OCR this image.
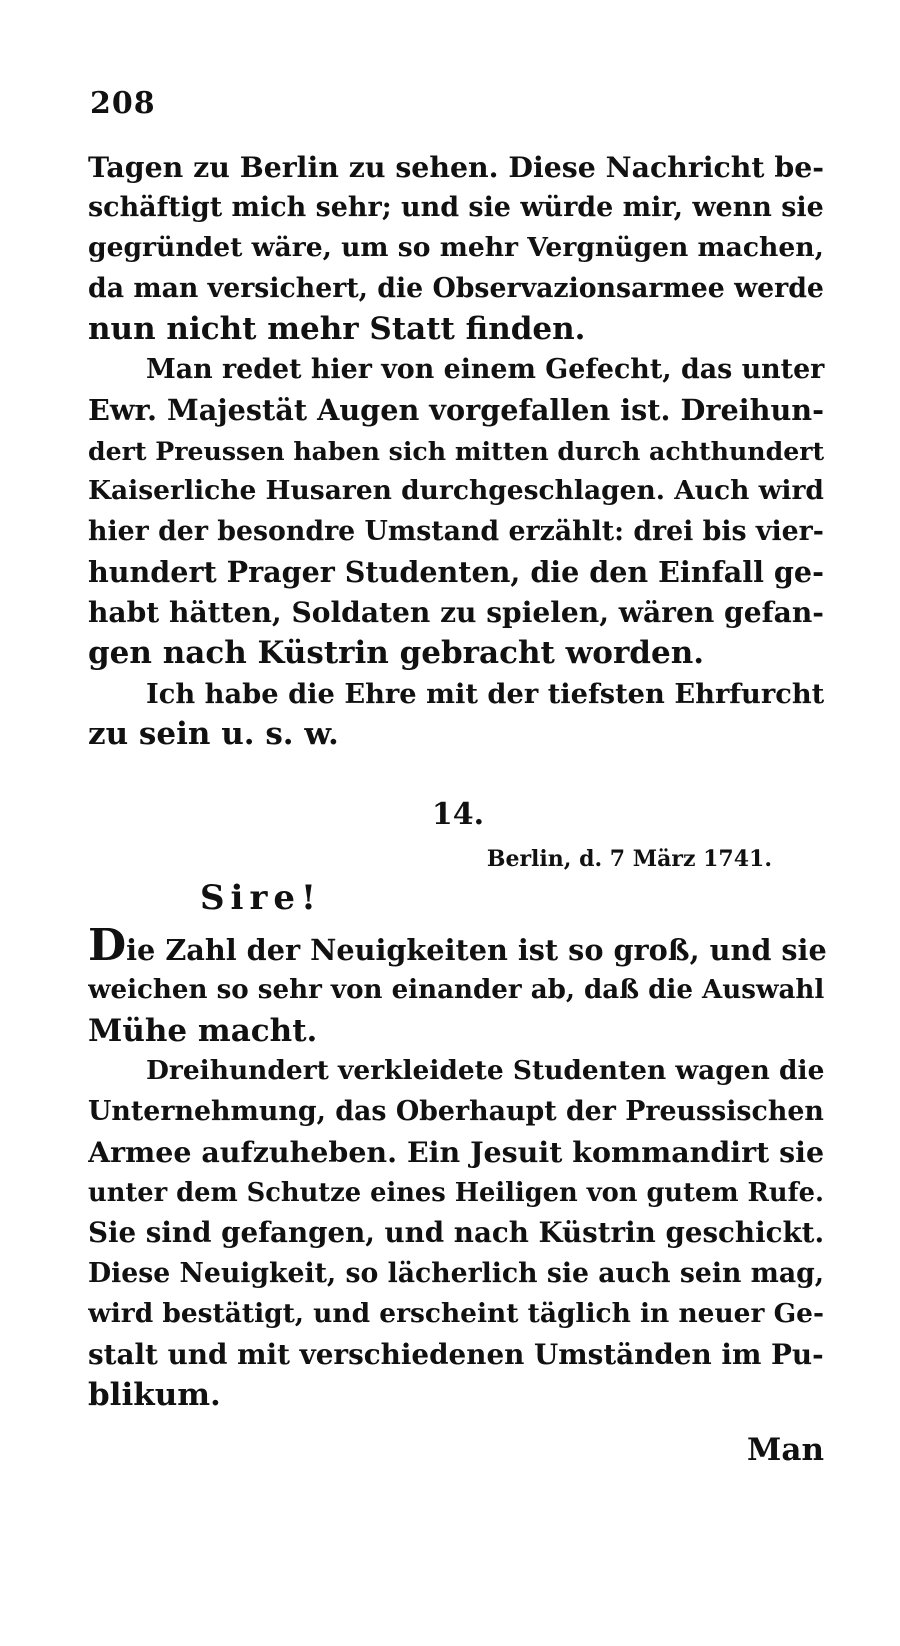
208

Tagen zu Berlin zu sehen. Diese Nachricht be-
schäftigt mich sehr; und sie würde mir, wenn sie
gegründet wäre, um so mehr Vergnügen machen,
da man versichert, die Observazionsarmee werde
nun nicht mehr Statt finden.

Man redet hier von einem Gefecht, das unter
Ewr. Majestät Augen vorgefallen ist. Dreihun-
dert Preussen haben sich mitten durch achthundert
Kaiserliche Husaren durchgeschlagen. Auch wird
hier der besondre Umstand erzählt: drei bis vier-
hundert Prager Studenten, die den Einfall ge-
habt hätten, Soldaten zu spielen, wären gefan-
gen nach Küstrin gebracht worden.

Ich habe die Ehre mit der tiefsten Ehrfurcht
zu sein u. s. w.

14.
Berlin, d. 7 März 1741.
Sire!

Die Zahl der Neuigkeiten ist so groß, und sie
weichen so sehr von einander ab, daß die Auswahl
Mühe macht.

Dreihundert verkleidete Studenten wagen die
Unternehmung, das Oberhaupt der Preussischen
Armee aufzuheben. Ein Jesuit kommandirt sie
unter dem Schutze eines Heiligen von gutem Rufe.
Sie sind gefangen, und nach Küstrin geschickt.
Diese Neuigkeit, so lächerlich sie auch sein mag,
wird bestätigt, und erscheint täglich in neuer Ge-
stalt und mit verschiedenen Umständen im Pu-
blikum.

Man
